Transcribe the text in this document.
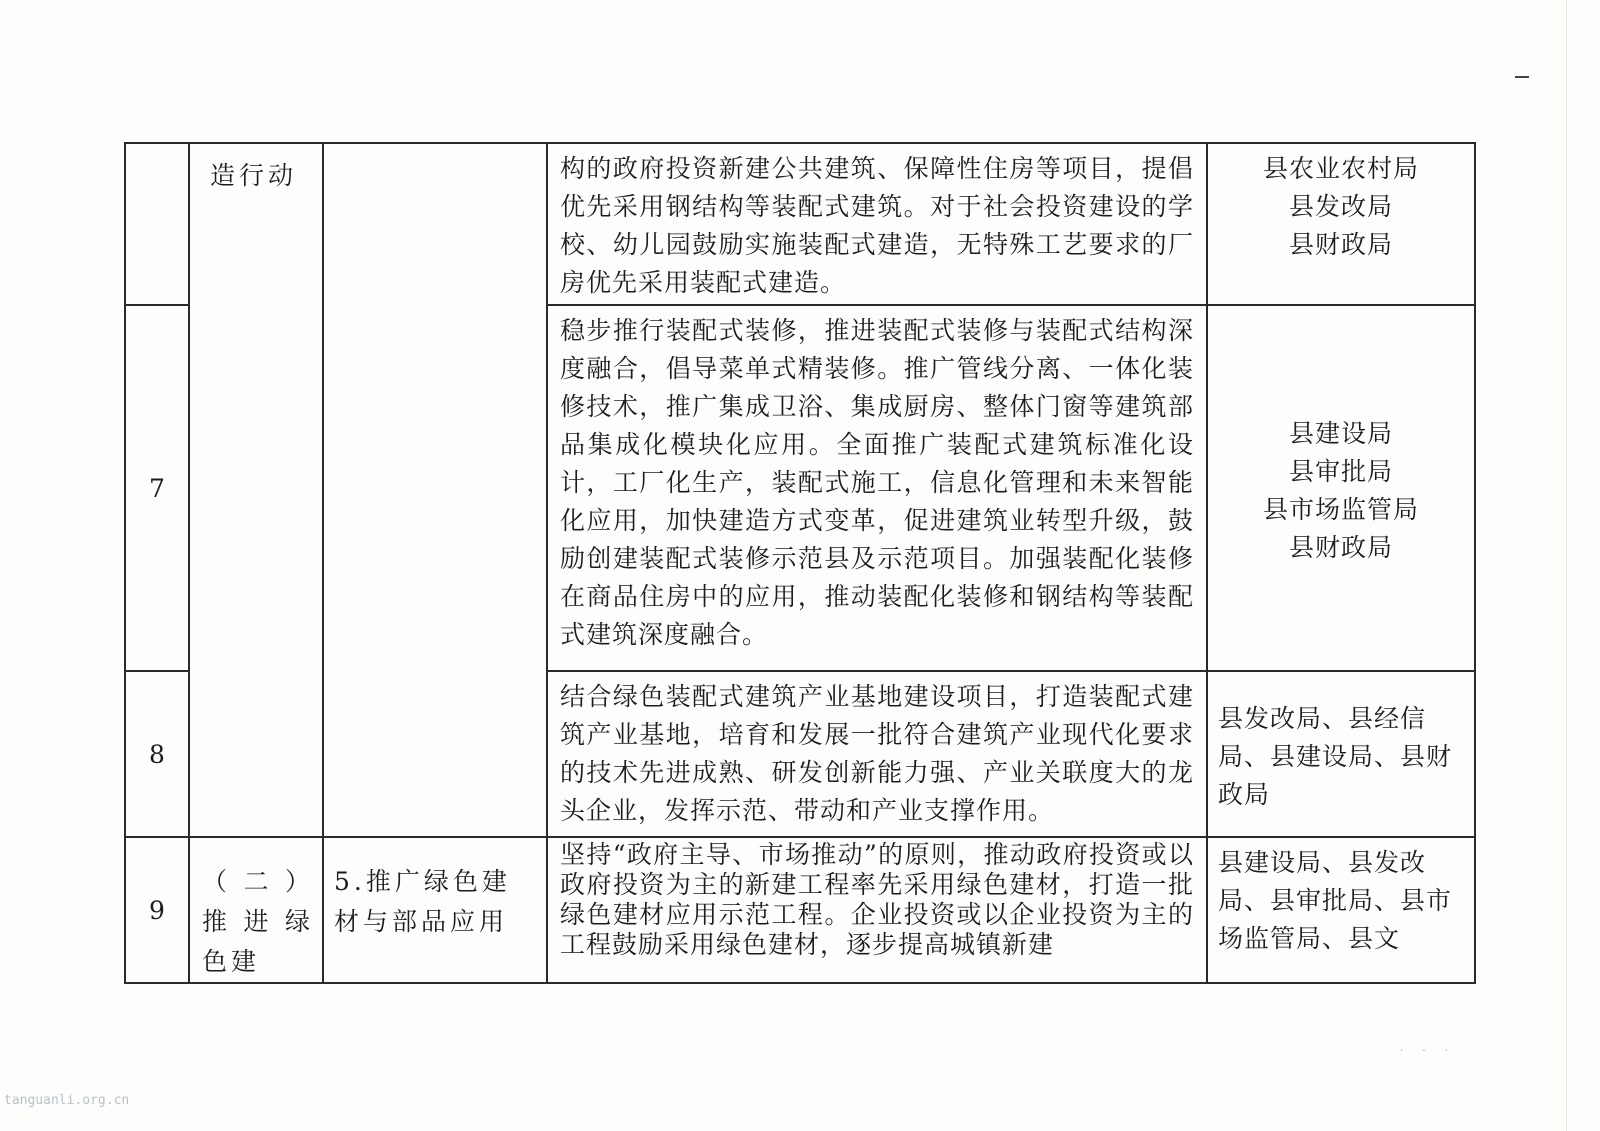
	造行动		构的政府投资新建公共建筑、保障性住房等项目，提倡优先采用钢结构等装配式建筑。对于社会投资建设的学校、幼儿园鼓励实施装配式建造，无特殊工艺要求的厂房优先采用装配式建造。	县农业农村局
县发改局
县财政局

7			稳步推行装配式装修，推进装配式装修与装配式结构深度融合，倡导菜单式精装修。推广管线分离、一体化装修技术，推广集成卫浴、集成厨房、整体门窗等建筑部品集成化模块化应用。全面推广装配式建筑标准化设计，工厂化生产，装配式施工，信息化管理和未来智能化应用，加快建造方式变革，促进建筑业转型升级，鼓励创建装配式装修示范县及示范项目。加强装配化装修在商品住房中的应用，推动装配化装修和钢结构等装配式建筑深度融合。	县建设局
县审批局
县市场监管局
县财政局

8			结合绿色装配式建筑产业基地建设项目，打造装配式建筑产业基地，培育和发展一批符合建筑产业现代化要求的技术先进成熟、研发创新能力强、产业关联度大的龙头企业，发挥示范、带动和产业支撑作用。	县发改局、县经信局、县建设局、县财政局

9	（二）推进绿色建	5.推广绿色建材与部品应用	坚持“政府主导、市场推动”的原则，推动政府投资或以政府投资为主的新建工程率先采用绿色建材，打造一批绿色建材应用示范工程。企业投资或以企业投资为主的工程鼓励采用绿色建材，逐步提高城镇新建	县建设局、县发改局、县审批局、县市场监管局、县文
· · ·
tanguanli.org.cn
